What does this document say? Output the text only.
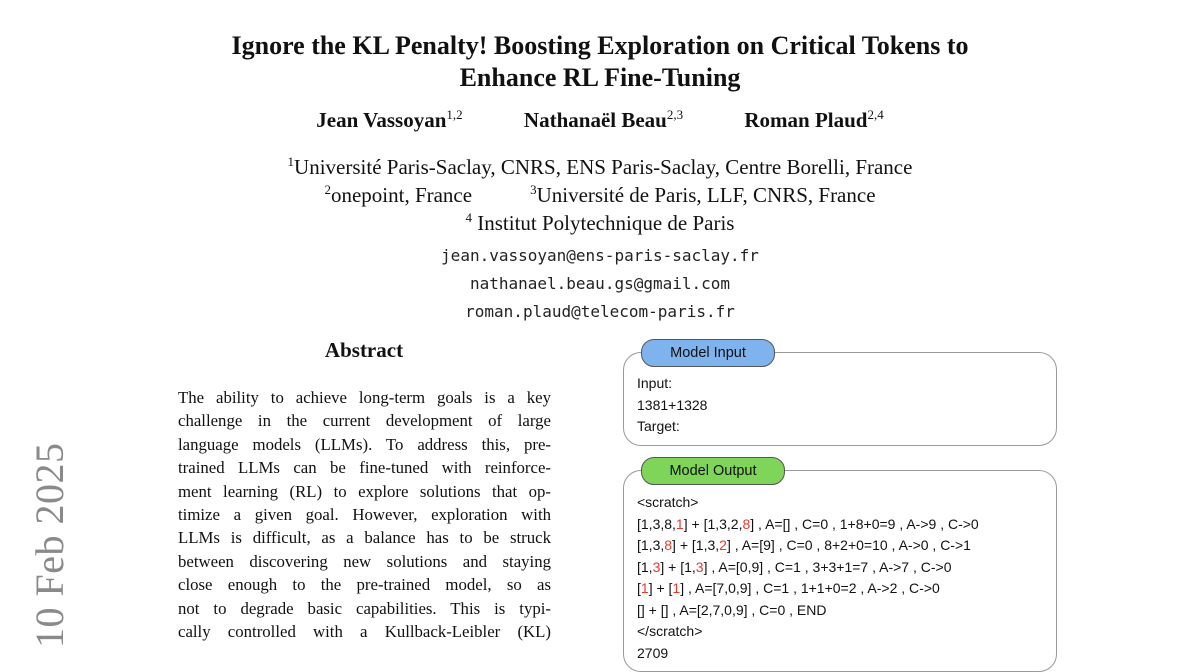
10 Feb 2025
Ignore the KL Penalty! Boosting Exploration on Critical Tokens to
Enhance RL Fine-Tuning
Jean Vassoyan$^{1,2}$	Nathanaël Beau$^{2,3}$	Roman Plaud$^{2,4}$
$^1$Université Paris-Saclay, CNRS, ENS Paris-Saclay, Centre Borelli, France
$^2$onepoint, France	$^3$Université de Paris, LLF, CNRS, France
$^4$ Institut Polytechnique de Paris
jean.vassoyan@ens-paris-saclay.fr
nathanael.beau.gs@gmail.com
roman.plaud@telecom-paris.fr
Abstract
The ability to achieve long-term goals is a key
challenge in the current development of large
language models (LLMs). To address this, pre-
trained LLMs can be fine-tuned with reinforce-
ment learning (RL) to explore solutions that op-
timize a given goal. However, exploration with
LLMs is difficult, as a balance has to be struck
between discovering new solutions and staying
close enough to the pre-trained model, so as
not to degrade basic capabilities. This is typi-
cally controlled with a Kullback-Leibler (KL)
Input:
1381+1328
Target:
Model Input
<scratch>
[1,3,8,1] + [1,3,2,8] , A=[] , C=0 , 1+8+0=9 , A->9 , C->0
[1,3,8] + [1,3,2] , A=[9] , C=0 , 8+2+0=10 , A->0 , C->1
[1,3] + [1,3] , A=[0,9] , C=1 , 3+3+1=7 , A->7 , C->0
[1] + [1] , A=[7,0,9] , C=1 , 1+1+0=2 , A->2 , C->0
[] + [] , A=[2,7,0,9] , C=0 , END
</scratch>
2709
Model Output
